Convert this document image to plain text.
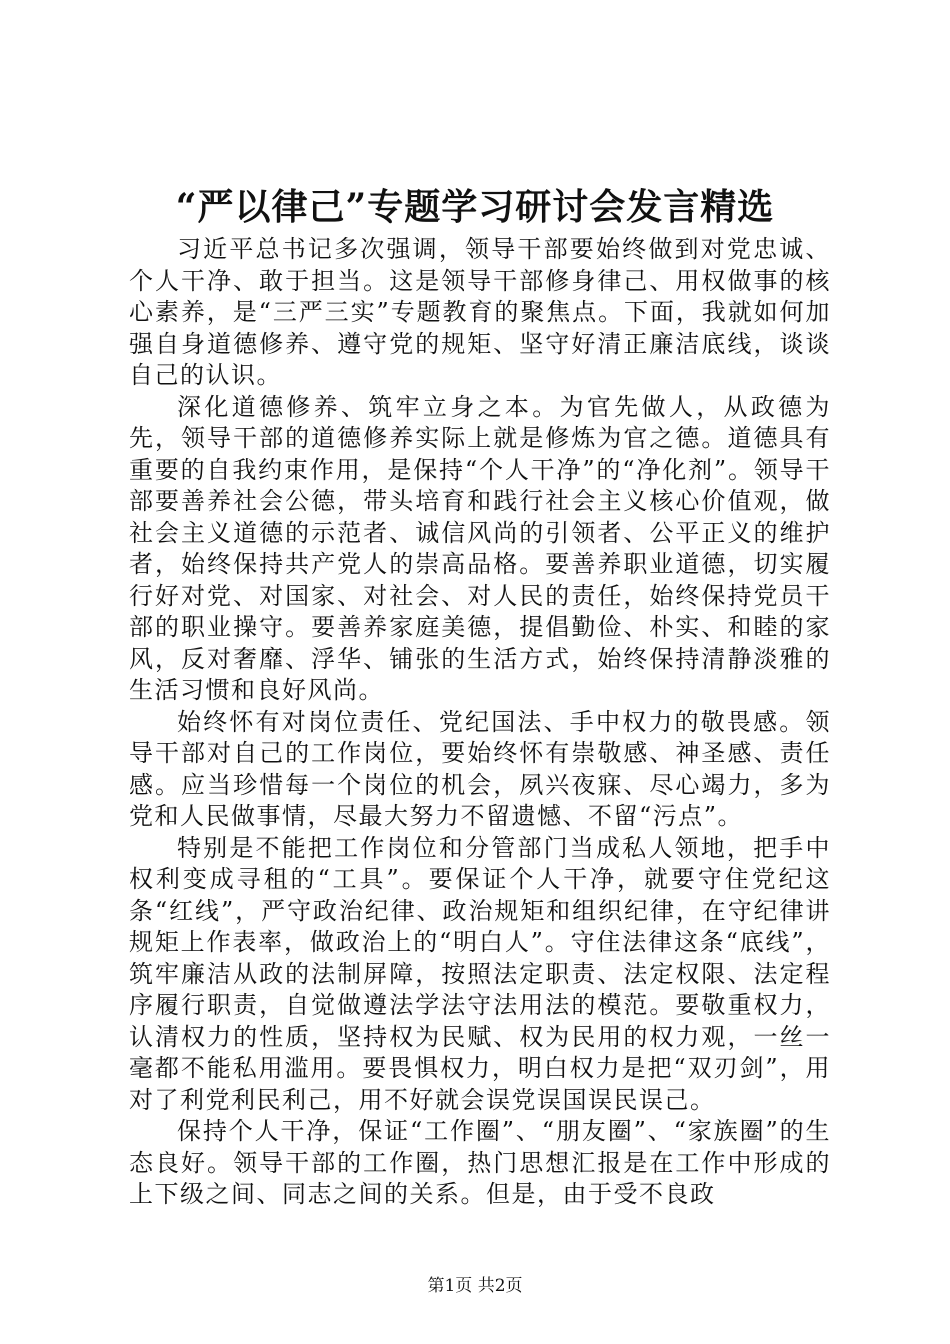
“严以律己”专题学习研讨会发言精选

习近平总书记多次强调，领导干部要始终做到对党忠诚、个人干净、敢于担当。这是领导干部修身律己、用权做事的核心素养，是“三严三实”专题教育的聚焦点。下面，我就如何加强自身道德修养、遵守党的规矩、坚守好清正廉洁底线，谈谈自己的认识。

深化道德修养、筑牢立身之本。为官先做人，从政德为先，领导干部的道德修养实际上就是修炼为官之德。道德具有重要的自我约束作用，是保持“个人干净”的“净化剂”。领导干部要善养社会公德，带头培育和践行社会主义核心价值观，做社会主义道德的示范者、诚信风尚的引领者、公平正义的维护者，始终保持共产党人的崇高品格。要善养职业道德，切实履行好对党、对国家、对社会、对人民的责任，始终保持党员干部的职业操守。要善养家庭美德，提倡勤俭、朴实、和睦的家风，反对奢靡、浮华、铺张的生活方式，始终保持清静淡雅的生活习惯和良好风尚。

始终怀有对岗位责任、党纪国法、手中权力的敬畏感。领导干部对自己的工作岗位，要始终怀有崇敬感、神圣感、责任感。应当珍惜每一个岗位的机会，夙兴夜寐、尽心竭力，多为党和人民做事情，尽最大努力不留遗憾、不留“污点”。

特别是不能把工作岗位和分管部门当成私人领地，把手中权利变成寻租的“工具”。要保证个人干净，就要守住党纪这条“红线”，严守政治纪律、政治规矩和组织纪律，在守纪律讲规矩上作表率，做政治上的“明白人”。守住法律这条“底线”，筑牢廉洁从政的法制屏障，按照法定职责、法定权限、法定程序履行职责，自觉做遵法学法守法用法的模范。要敬重权力，认清权力的性质，坚持权为民赋、权为民用的权力观，一丝一毫都不能私用滥用。要畏惧权力，明白权力是把“双刃剑”，用对了利党利民利己，用不好就会误党误国误民误己。

保持个人干净，保证“工作圈”、“朋友圈”、“家族圈”的生态良好。领导干部的工作圈，热门思想汇报是在工作中形成的上下级之间、同志之间的关系。但是，由于受不良政

第1页 共2页
